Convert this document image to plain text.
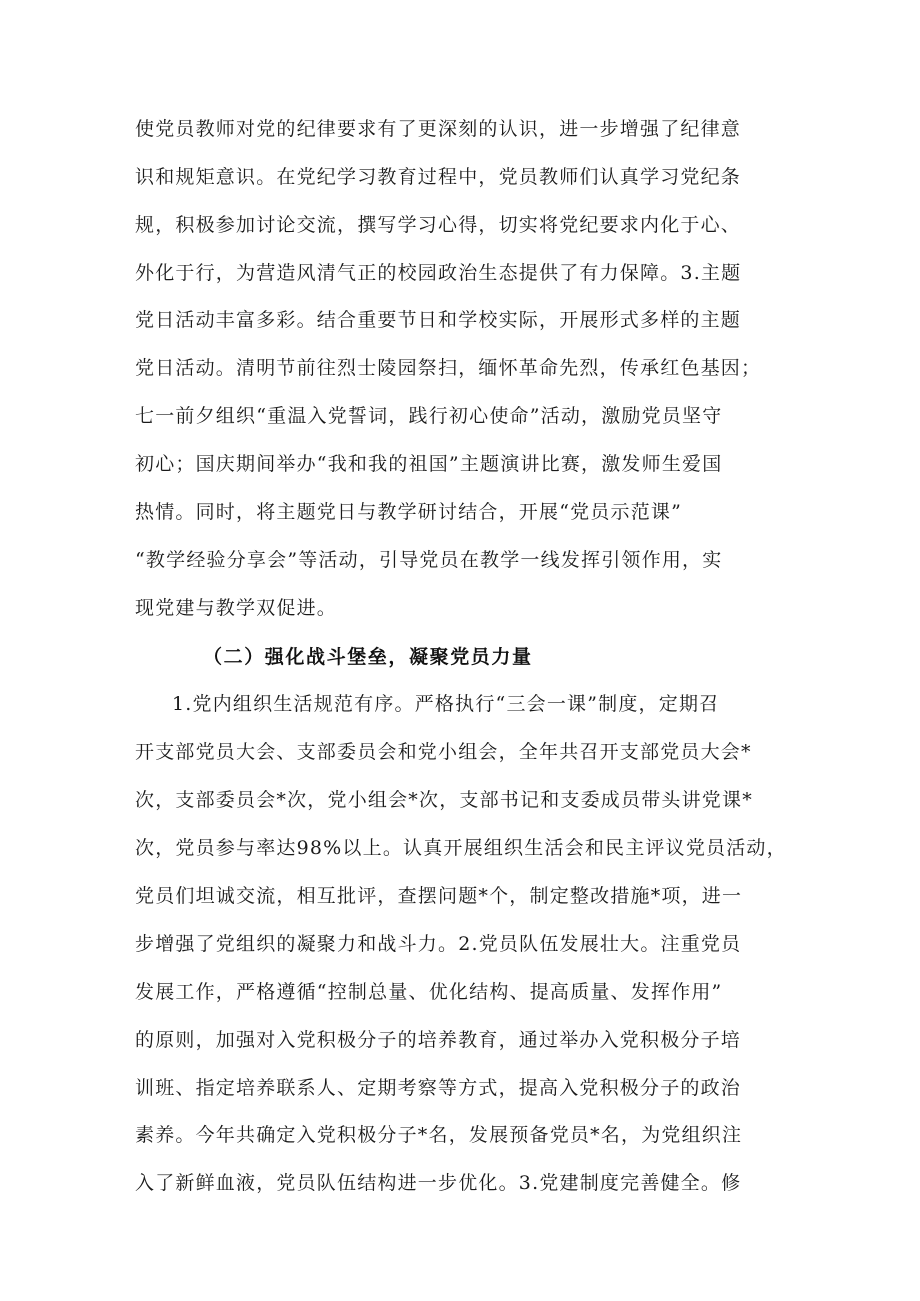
使党员教师对党的纪律要求有了更深刻的认识，进一步增强了纪律意

识和规矩意识。在党纪学习教育过程中，党员教师们认真学习党纪条

规，积极参加讨论交流，撰写学习心得，切实将党纪要求内化于心、

外化于行，为营造风清气正的校园政治生态提供了有力保障。3.主题

党日活动丰富多彩。结合重要节日和学校实际，开展形式多样的主题

党日活动。清明节前往烈士陵园祭扫，缅怀革命先烈，传承红色基因；

七一前夕组织“重温入党誓词，践行初心使命”活动，激励党员坚守

初心；国庆期间举办“我和我的祖国”主题演讲比赛，激发师生爱国

热情。同时，将主题党日与教学研讨结合，开展“党员示范课”

“教学经验分享会”等活动，引导党员在教学一线发挥引领作用，实

现党建与教学双促进。

（二）强化战斗堡垒，凝聚党员力量

1.党内组织生活规范有序。严格执行“三会一课”制度，定期召

开支部党员大会、支部委员会和党小组会，全年共召开支部党员大会*

次，支部委员会*次，党小组会*次，支部书记和支委成员带头讲党课*

次，党员参与率达98%以上。认真开展组织生活会和民主评议党员活动，

党员们坦诚交流，相互批评，查摆问题*个，制定整改措施*项，进一

步增强了党组织的凝聚力和战斗力。2.党员队伍发展壮大。注重党员

发展工作，严格遵循“控制总量、优化结构、提高质量、发挥作用”

的原则，加强对入党积极分子的培养教育，通过举办入党积极分子培

训班、指定培养联系人、定期考察等方式，提高入党积极分子的政治

素养。今年共确定入党积极分子*名，发展预备党员*名，为党组织注

入了新鲜血液，党员队伍结构进一步优化。3.党建制度完善健全。修
